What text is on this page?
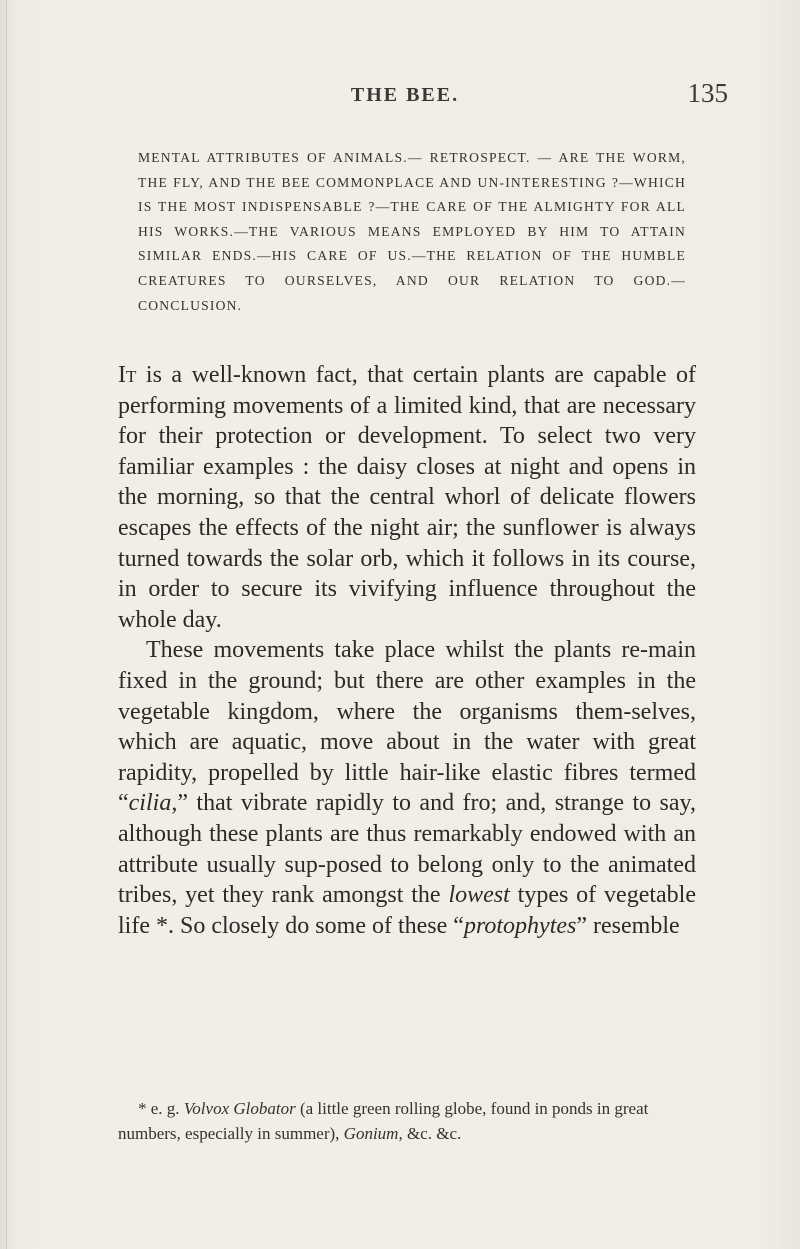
THE BEE.	135
MENTAL ATTRIBUTES OF ANIMALS.— RETROSPECT. — ARE THE WORM, THE FLY, AND THE BEE COMMONPLACE AND UN-INTERESTING ?—WHICH IS THE MOST INDISPENSABLE ?—THE CARE OF THE ALMIGHTY FOR ALL HIS WORKS.—THE VARIOUS MEANS EMPLOYED BY HIM TO ATTAIN SIMILAR ENDS.—HIS CARE OF US.—THE RELATION OF THE HUMBLE CREATURES TO OURSELVES, AND OUR RELATION TO GOD.—CONCLUSION.

It is a well-known fact, that certain plants are capable of performing movements of a limited kind, that are necessary for their protection or development. To select two very familiar examples : the daisy closes at night and opens in the morning, so that the central whorl of delicate flowers escapes the effects of the night air; the sunflower is always turned towards the solar orb, which it follows in its course, in order to secure its vivifying influence throughout the whole day.

These movements take place whilst the plants re-main fixed in the ground; but there are other examples in the vegetable kingdom, where the organisms them-selves, which are aquatic, move about in the water with great rapidity, propelled by little hair-like elastic fibres termed “cilia,” that vibrate rapidly to and fro; and, strange to say, although these plants are thus remarkably endowed with an attribute usually sup-posed to belong only to the animated tribes, yet they rank amongst the lowest types of vegetable life *. So closely do some of these “protophytes” resemble

* e. g. Volvox Globator (a little green rolling globe, found in ponds in great numbers, especially in summer), Gonium, &c. &c.
